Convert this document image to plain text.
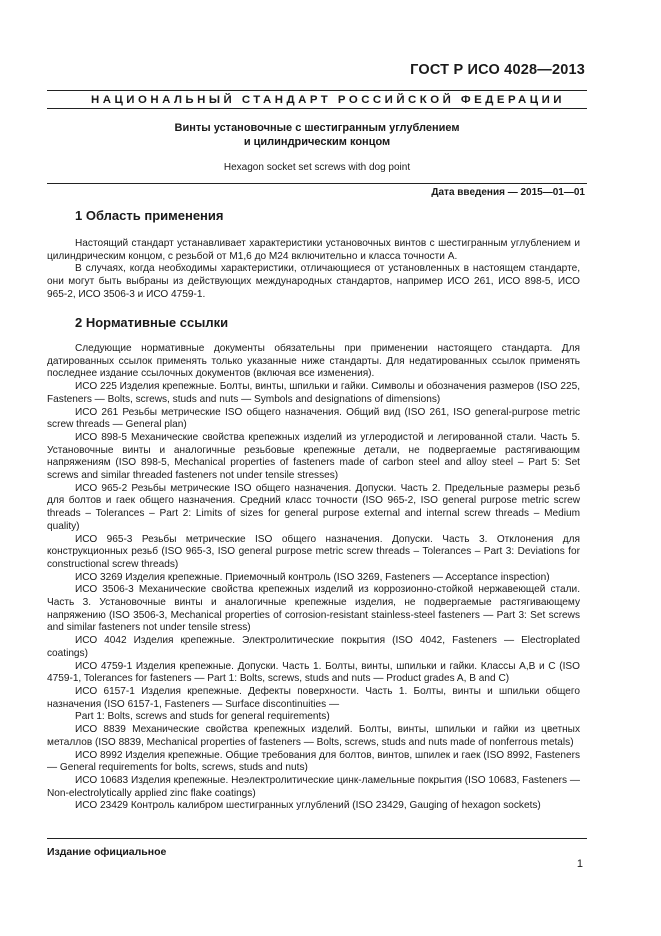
ГОСТ Р ИСО 4028—2013
НАЦИОНАЛЬНЫЙ СТАНДАРТ РОССИЙСКОЙ ФЕДЕРАЦИИ
Винты установочные с шестигранным углублением
и цилиндрическим концом
Hexagon socket set screws with dog point
Дата введения — 2015—01—01
1 Область применения

Настоящий стандарт устанавливает характеристики установочных винтов с шестигранным углублением и цилиндрическим концом, с резьбой от М1,6 до М24 включительно и класса точности А.

В случаях, когда необходимы характеристики, отличающиеся от установленных в настоящем стандарте, они могут быть выбраны из действующих международных стандартов, например ИСО 261, ИСО 898-5, ИСО 965-2, ИСО 3506-3 и ИСО 4759-1.

2 Нормативные ссылки

Следующие нормативные документы обязательны при применении настоящего стандарта. Для датированных ссылок применять только указанные ниже стандарты. Для недатированных ссылок применять последнее издание ссылочных документов (включая все изменения).

ИСО 225 Изделия крепежные. Болты, винты, шпильки и гайки. Символы и обозначения размеров (ISO 225, Fasteners — Bolts, screws, studs and nuts — Symbols and designations of dimensions)

ИСО 261 Резьбы метрические ISO общего назначения. Общий вид (ISO 261, ISO general-purpose metric screw threads — General plan)

ИСО 898-5 Механические свойства крепежных изделий из углеродистой и легированной стали. Часть 5. Установочные винты и аналогичные резьбовые крепежные детали, не подвергаемые растягивающим напряжениям (ISO 898-5, Mechanical properties of fasteners made of carbon steel and alloy steel – Part 5: Set screws and similar threaded fasteners not under tensile stresses)

ИСО 965-2 Резьбы метрические ISO общего назначения. Допуски. Часть 2. Предельные размеры резьб для болтов и гаек общего назначения. Средний класс точности (ISO 965-2, ISO general purpose metric screw threads – Tolerances – Part 2: Limits of sizes for general purpose external and internal screw threads – Medium quality)

ИСО 965-3 Резьбы метрические ISO общего назначения. Допуски. Часть 3. Отклонения для конструкционных резьб (ISO 965-3, ISO general purpose metric screw threads – Tolerances – Part 3: Deviations for constructional screw threads)

ИСО 3269 Изделия крепежные. Приемочный контроль (ISO 3269, Fasteners — Acceptance inspection)

ИСО 3506-3 Механические свойства крепежных изделий из коррозионно-стойкой нержавеющей стали. Часть 3. Установочные винты и аналогичные крепежные изделия, не подвергаемые растягивающему напряжению (ISO 3506-3, Mechanical properties of corrosion-resistant stainless-steel fasteners — Part 3: Set screws and similar fasteners not under tensile stress)

ИСО 4042 Изделия крепежные. Электролитические покрытия (ISO 4042, Fasteners — Electroplated coatings)

ИСО 4759-1 Изделия крепежные. Допуски. Часть 1. Болты, винты, шпильки и гайки. Классы А,В и С (ISO 4759-1, Tolerances for fasteners — Part 1: Bolts, screws, studs and nuts — Product grades A, B and C)

ИСО 6157-1 Изделия крепежные. Дефекты поверхности. Часть 1. Болты, винты и шпильки общего назначения (ISO 6157-1, Fasteners — Surface discontinuities —

Part 1: Bolts, screws and studs for general requirements)

ИСО 8839 Механические свойства крепежных изделий. Болты, винты, шпильки и гайки из цветных металлов (ISO 8839, Mechanical properties of fasteners — Bolts, screws, studs and nuts made of nonferrous metals)

ИСО 8992 Изделия крепежные. Общие требования для болтов, винтов, шпилек и гаек (ISO 8992, Fasteners — General requirements for bolts, screws, studs and nuts)

ИСО 10683 Изделия крепежные. Неэлектролитические цинк-ламельные покрытия (ISO 10683, Fasteners — Non-electrolytically applied zinc flake coatings)

ИСО 23429 Контроль калибром шестигранных углублений (ISO 23429, Gauging of hexagon sockets)

Издание официальное
1
